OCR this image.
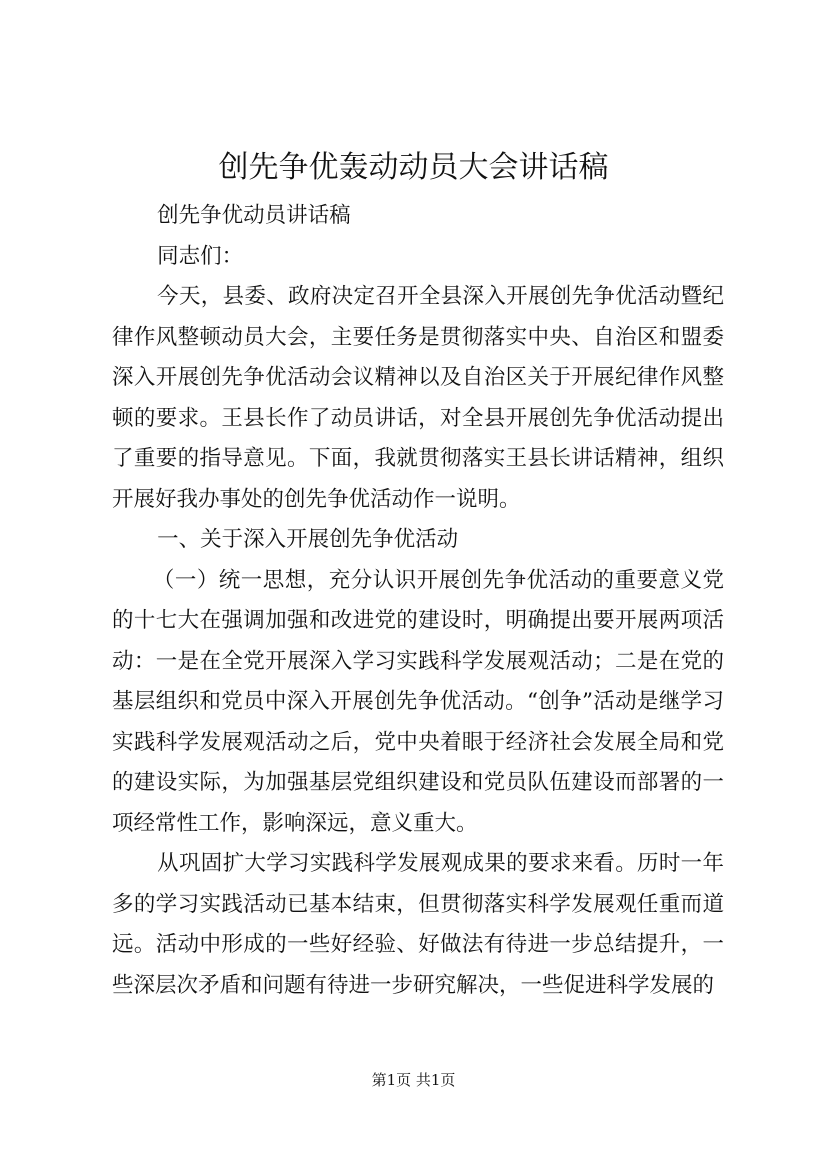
创先争优轰动动员大会讲话稿

创先争优动员讲话稿

同志们：

今天，县委、政府决定召开全县深入开展创先争优活动暨纪律作风整顿动员大会，主要任务是贯彻落实中央、自治区和盟委深入开展创先争优活动会议精神以及自治区关于开展纪律作风整顿的要求。王县长作了动员讲话，对全县开展创先争优活动提出了重要的指导意见。下面，我就贯彻落实王县长讲话精神，组织开展好我办事处的创先争优活动作一说明。

一、关于深入开展创先争优活动

（一）统一思想，充分认识开展创先争优活动的重要意义党的十七大在强调加强和改进党的建设时，明确提出要开展两项活动：一是在全党开展深入学习实践科学发展观活动；二是在党的基层组织和党员中深入开展创先争优活动。“创争”活动是继学习实践科学发展观活动之后，党中央着眼于经济社会发展全局和党的建设实际，为加强基层党组织建设和党员队伍建设而部署的一项经常性工作，影响深远，意义重大。

从巩固扩大学习实践科学发展观成果的要求来看。历时一年多的学习实践活动已基本结束，但贯彻落实科学发展观任重而道远。活动中形成的一些好经验、好做法有待进一步总结提升，一些深层次矛盾和问题有待进一步研究解决，一些促进科学发展的

第1页 共1页
